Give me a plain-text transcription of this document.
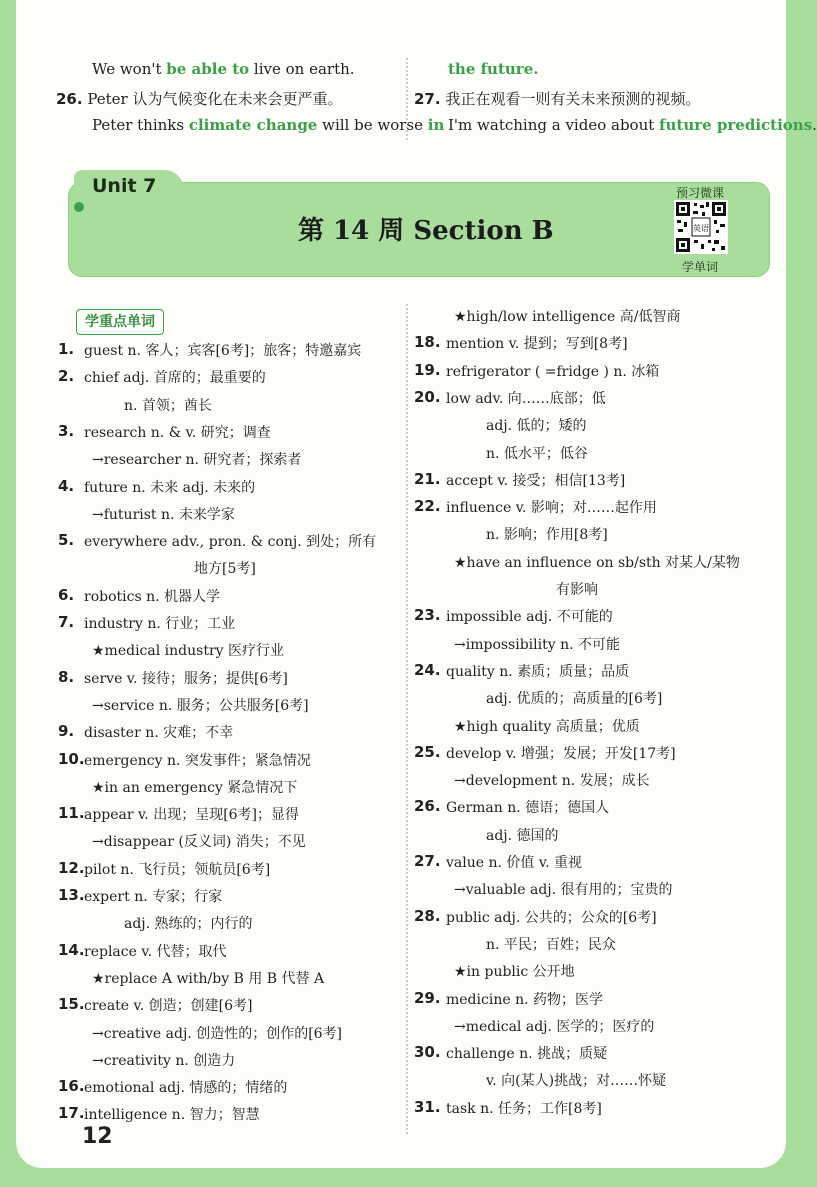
We won't be able to live on earth.
26. Peter 认为气候变化在未来会更严重。
Peter thinks climate change will be worse in
the future.
27. 我正在观看一则有关未来预测的视频。
I'm watching a video about future predictions.
Unit 7
第 14 周 Section B
预习微课
英语
学单词
学重点单词
1. guest n. 客人；宾客[6考]；旅客；特邀嘉宾
2. chief adj. 首席的；最重要的
n. 首领；酋长
3. research n. & v. 研究；调查
→researcher n. 研究者；探索者
4. future n. 未来 adj. 未来的
→futurist n. 未来学家
5. everywhere adv., pron. & conj. 到处；所有
地方[5考]
6. robotics n. 机器人学
7. industry n. 行业；工业
★medical industry 医疗行业
8. serve v. 接待；服务；提供[6考]
→service n. 服务；公共服务[6考]
9. disaster n. 灾难；不幸
10. emergency n. 突发事件；紧急情况
★in an emergency 紧急情况下
11. appear v. 出现；呈现[6考]；显得
→disappear (反义词) 消失；不见
12. pilot n. 飞行员；领航员[6考]
13. expert n. 专家；行家
adj. 熟练的；内行的
14. replace v. 代替；取代
★replace A with/by B 用 B 代替 A
15. create v. 创造；创建[6考]
→creative adj. 创造性的；创作的[6考]
→creativity n. 创造力
16. emotional adj. 情感的；情绪的
17. intelligence n. 智力；智慧
★high/low intelligence 高/低智商
18. mention v. 提到；写到[8考]
19. refrigerator ( =fridge ) n. 冰箱
20. low adv. 向……底部；低
adj. 低的；矮的
n. 低水平；低谷
21. accept v. 接受；相信[13考]
22. influence v. 影响；对……起作用
n. 影响；作用[8考]
★have an influence on sb/sth 对某人/某物
有影响
23. impossible adj. 不可能的
→impossibility n. 不可能
24. quality n. 素质；质量；品质
adj. 优质的；高质量的[6考]
★high quality 高质量；优质
25. develop v. 增强；发展；开发[17考]
→development n. 发展；成长
26. German n. 德语；德国人
adj. 德国的
27. value n. 价值 v. 重视
→valuable adj. 很有用的；宝贵的
28. public adj. 公共的；公众的[6考]
n. 平民；百姓；民众
★in public 公开地
29. medicine n. 药物；医学
→medical adj. 医学的；医疗的
30. challenge n. 挑战；质疑
v. 向(某人)挑战；对……怀疑
31. task n. 任务；工作[8考]
12
